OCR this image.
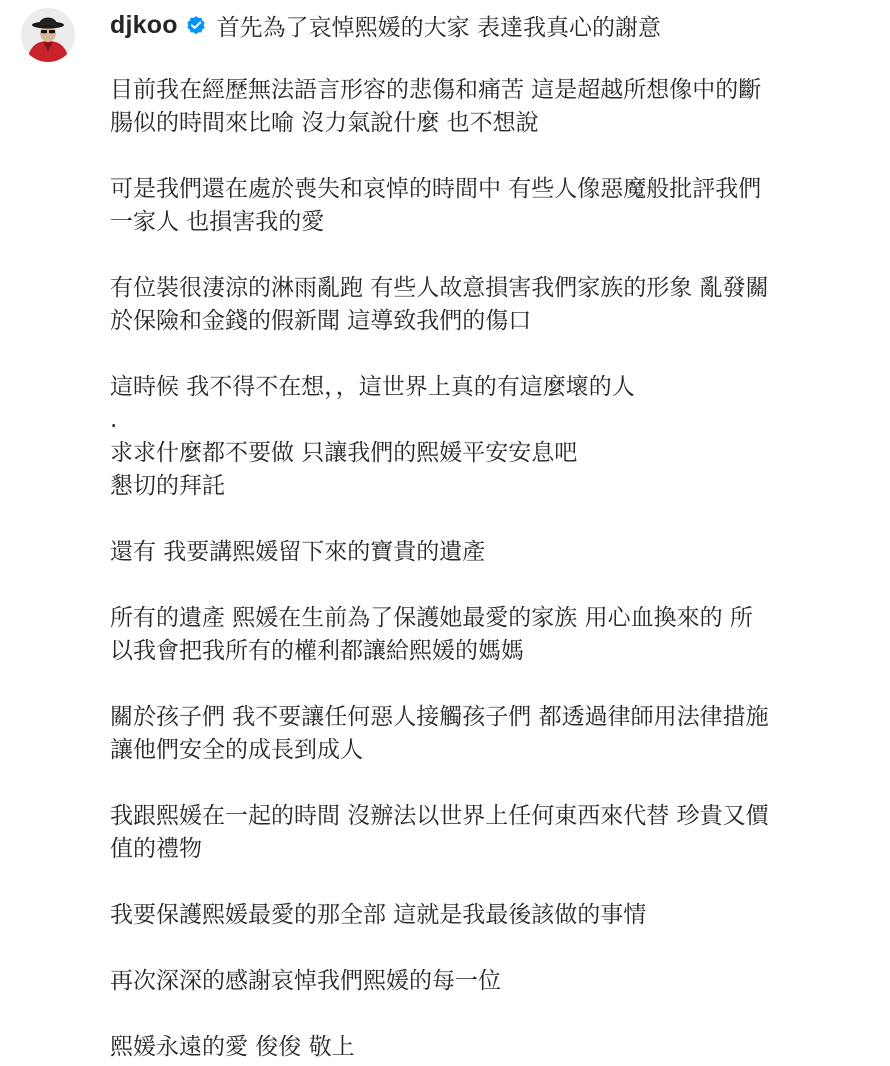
djkoo 首先為了哀悼熙媛的大家 表達我真心的謝意
目前我在經歷無法語言形容的悲傷和痛苦 這是超越所想像中的斷
腸似的時間來比喻 沒力氣說什麼 也不想說
可是我們還在處於喪失和哀悼的時間中 有些人像惡魔般批評我們
一家人 也損害我的愛
有位裝很淒涼的淋雨亂跑 有些人故意損害我們家族的形象 亂發關
於保險和金錢的假新聞 這導致我們的傷口
這時候 我不得不在想，，這世界上真的有這麼壞的人
.
求求什麼都不要做 只讓我們的熙媛平安安息吧
懇切的拜託
還有 我要講熙媛留下來的寶貴的遺產
所有的遺產 熙媛在生前為了保護她最愛的家族 用心血換來的 所
以我會把我所有的權利都讓給熙媛的媽媽
關於孩子們 我不要讓任何惡人接觸孩子們 都透過律師用法律措施
讓他們安全的成長到成人
我跟熙媛在一起的時間 沒辦法以世界上任何東西來代替 珍貴又價
值的禮物
我要保護熙媛最愛的那全部 這就是我最後該做的事情
再次深深的感謝哀悼我們熙媛的每一位
熙媛永遠的愛 俊俊 敬上
